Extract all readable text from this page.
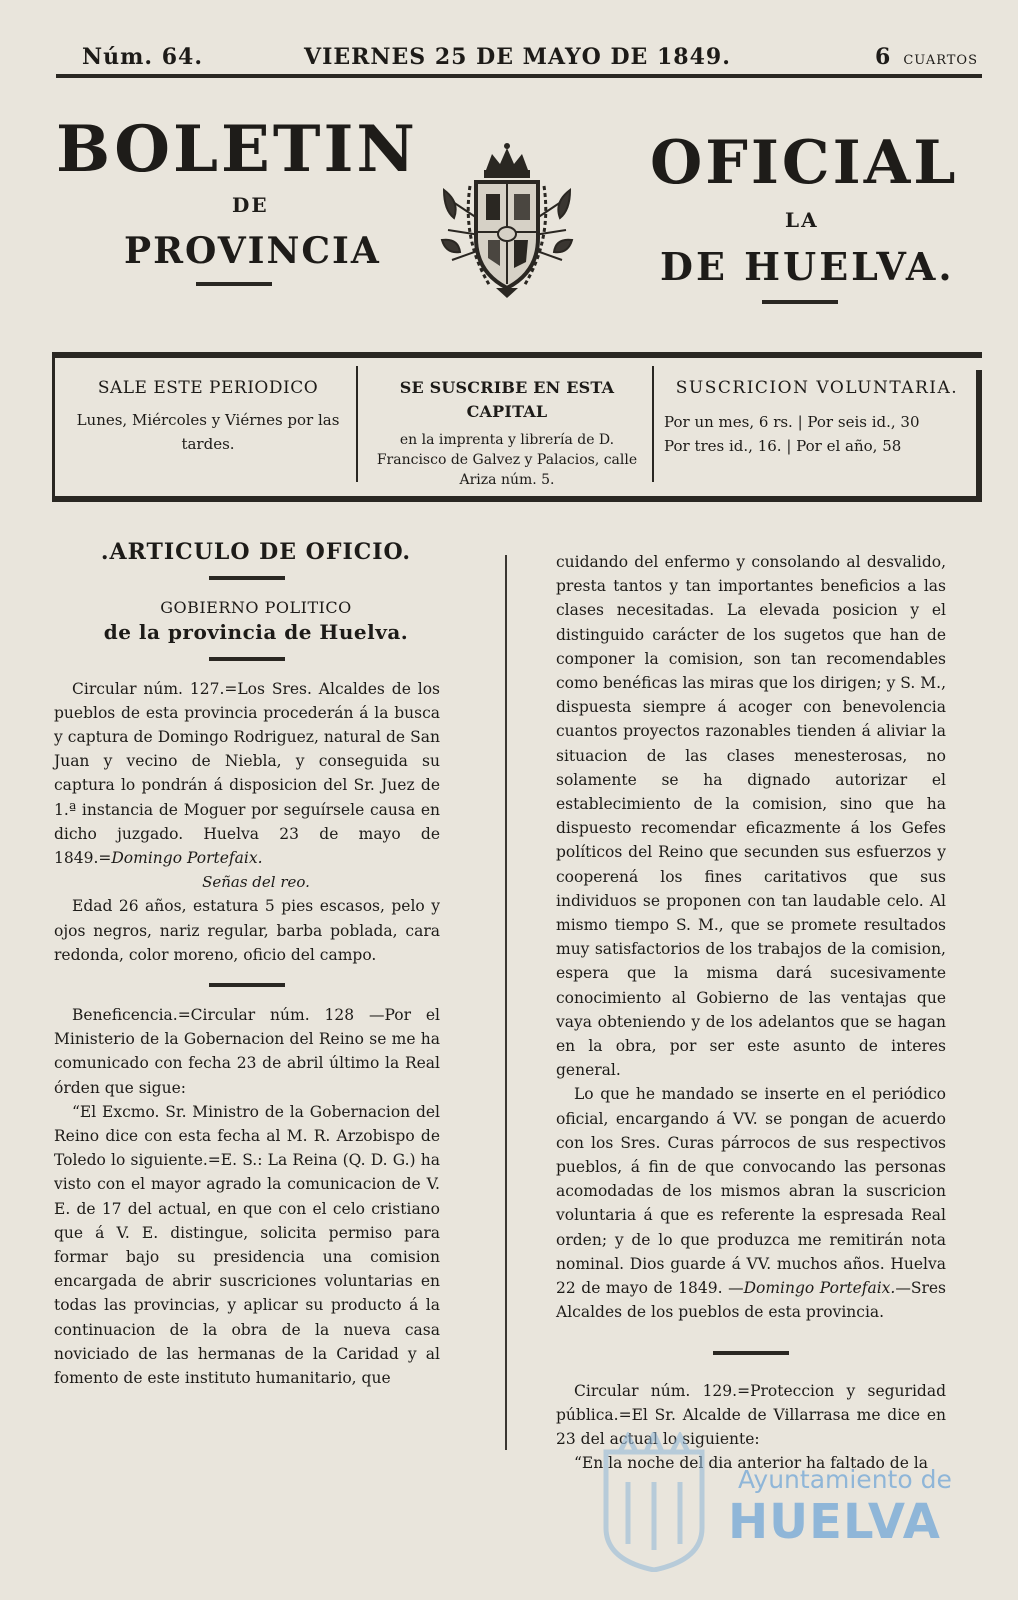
Núm. 64.	VIERNES 25 DE MAYO DE 1849.	6 CUARTOS
BOLETIN	OFICIAL
DE
LA
PROVINCIA	DE HUELVA.
SALE ESTE PERIODICO

Lunes, Miércoles y Viérnes por las tardes.

SE SUSCRIBE EN ESTA CAPITAL

en la imprenta y librería de D. Francisco de Galvez y Palacios, calle Ariza núm. 5.

SUSCRICION VOLUNTARIA.
Por un mes, 6 rs. | Por seis id., 30
Por tres id., 16. | Por el año, 58

.ARTICULO DE OFICIO.

GOBIERNO POLITICO

de la provincia de Huelva.

Circular núm. 127.=Los Sres. Alcaldes de los pueblos de esta provincia procederán á la busca y captura de Domingo Rodriguez, natural de San Juan y vecino de Niebla, y conseguida su captura lo pondrán á disposicion del Sr. Juez de 1.ª instancia de Moguer por seguírsele causa en dicho juzgado. Huelva 23 de mayo de 1849.=Domingo Portefaix.

Señas del reo.

Edad 26 años, estatura 5 pies escasos, pelo y ojos negros, nariz regular, barba poblada, cara redonda, color moreno, oficio del campo.

Beneficencia.=Circular núm. 128 —Por el Ministerio de la Gobernacion del Reino se me ha comunicado con fecha 23 de abril último la Real órden que sigue:

“El Excmo. Sr. Ministro de la Gobernacion del Reino dice con esta fecha al M. R. Arzobispo de Toledo lo siguiente.=E. S.: La Reina (Q. D. G.) ha visto con el mayor agrado la comunicacion de V. E. de 17 del actual, en que con el celo cristiano que á V. E. distingue, solicita permiso para formar bajo su presidencia una comision encargada de abrir suscriciones voluntarias en todas las provincias, y aplicar su producto á la continuacion de la obra de la nueva casa noviciado de las hermanas de la Caridad y al fomento de este instituto humanitario, que

cuidando del enfermo y consolando al desvalido, presta tantos y tan importantes beneficios a las clases necesitadas. La elevada posicion y el distinguido carácter de los sugetos que han de componer la comision, son tan recomendables como benéficas las miras que los dirigen; y S. M., dispuesta siempre á acoger con benevolencia cuantos proyectos razonables tienden á aliviar la situacion de las clases menesterosas, no solamente se ha dignado autorizar el establecimiento de la comision, sino que ha dispuesto recomendar eficazmente á los Gefes políticos del Reino que secunden sus esfuerzos y cooperená los fines caritativos que sus individuos se proponen con tan laudable celo. Al mismo tiempo S. M., que se promete resultados muy satisfactorios de los trabajos de la comision, espera que la misma dará sucesivamente conocimiento al Gobierno de las ventajas que vaya obteniendo y de los adelantos que se hagan en la obra, por ser este asunto de interes general.

Lo que he mandado se inserte en el periódico oficial, encargando á VV. se pongan de acuerdo con los Sres. Curas párrocos de sus respectivos pueblos, á fin de que convocando las personas acomodadas de los mismos abran la suscricion voluntaria á que es referente la espresada Real orden; y de lo que produzca me remitirán nota nominal. Dios guarde á VV. muchos años. Huelva 22 de mayo de 1849. —Domingo Portefaix.—Sres Alcaldes de los pueblos de esta provincia.

Circular núm. 129.=Proteccion y seguridad pública.=El Sr. Alcalde de Villarrasa me dice en 23 del actual lo siguiente:

“En la noche del dia anterior ha faltado de la

Ayuntamiento de
HUELVA
